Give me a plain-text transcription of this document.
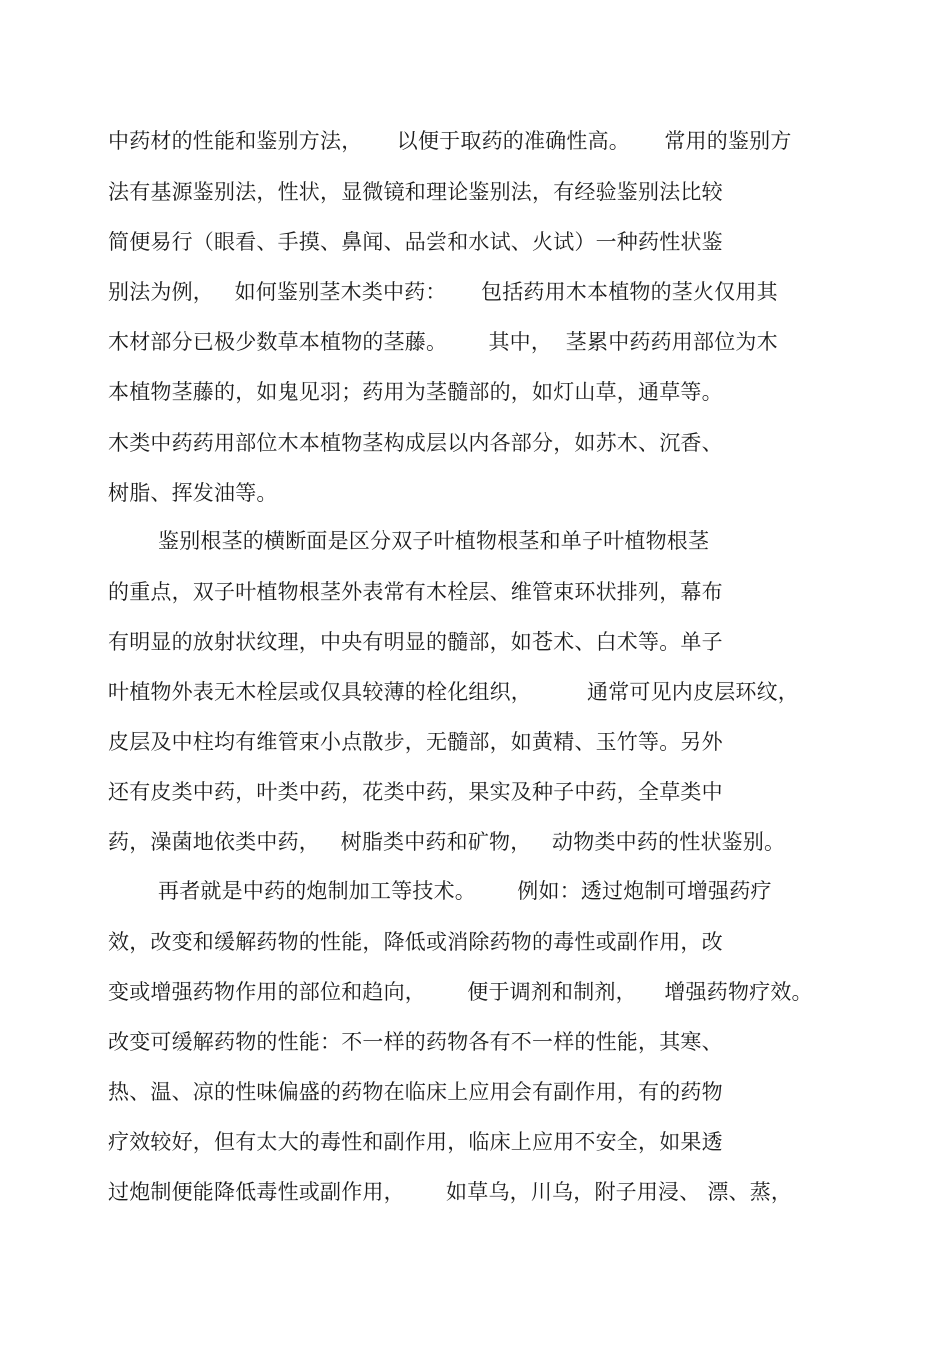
中药材的性能和鉴别方法，     以便于取药的准确性高。     常用的鉴别方
法有基源鉴别法，性状，显微镜和理论鉴别法，有经验鉴别法比较
简便易行（眼看、手摸、鼻闻、品尝和水试、火试）一种药性状鉴
别法为例，   如何鉴别茎木类中药：     包括药用木本植物的茎火仅用其
木材部分已极少数草本植物的茎藤。      其中，  茎累中药药用部位为木
本植物茎藤的，如鬼见羽；药用为茎髓部的，如灯山草，通草等。
木类中药药用部位木本植物茎构成层以内各部分，如苏木、沉香、
树脂、挥发油等。
鉴别根茎的横断面是区分双子叶植物根茎和单子叶植物根茎
的重点，双子叶植物根茎外表常有木栓层、维管束环状排列，幕布
有明显的放射状纹理，中央有明显的髓部，如苍术、白术等。单子
叶植物外表无木栓层或仅具较薄的栓化组织，        通常可见内皮层环纹，
皮层及中柱均有维管束小点散步，无髓部，如黄精、玉竹等。另外
还有皮类中药，叶类中药，花类中药，果实及种子中药，全草类中
药，澡菌地依类中药，   树脂类中药和矿物，   动物类中药的性状鉴别。
再者就是中药的炮制加工等技术。      例如：透过炮制可增强药疗
效，改变和缓解药物的性能，降低或消除药物的毒性或副作用，改
变或增强药物作用的部位和趋向，      便于调剂和制剂，    增强药物疗效。
改变可缓解药物的性能：不一样的药物各有不一样的性能，其寒、
热、温、凉的性味偏盛的药物在临床上应用会有副作用，有的药物
疗效较好，但有太大的毒性和副作用，临床上应用不安全，如果透
过炮制便能降低毒性或副作用，      如草乌，川乌，附子用浸、 漂、蒸，
